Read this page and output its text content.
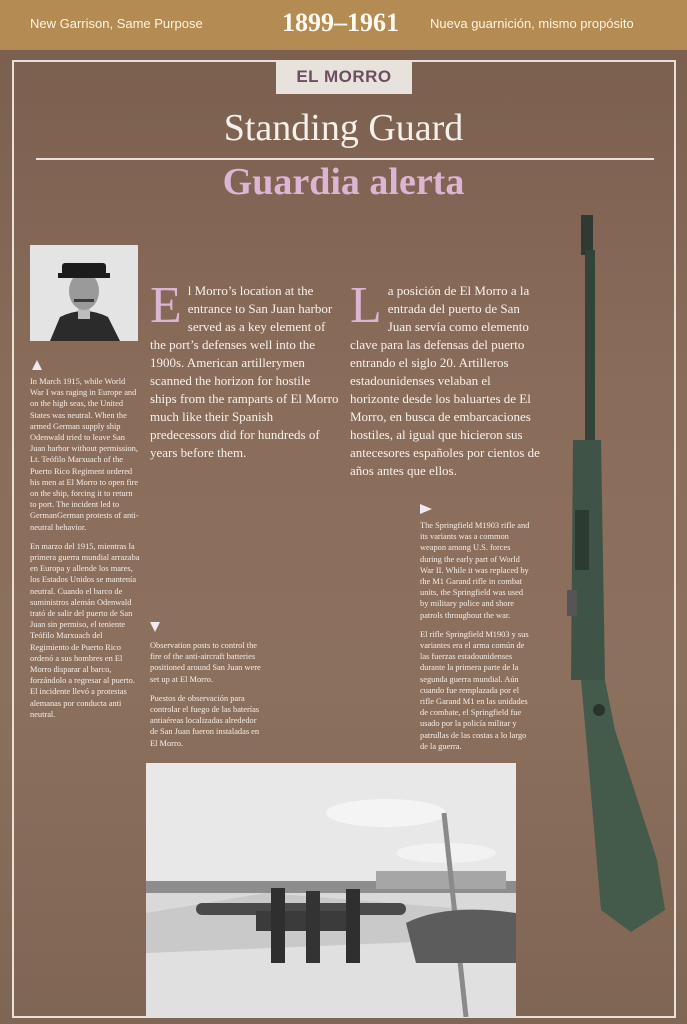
New Garrison, Same Purpose	1899–1961 Nueva guarnición, mismo propósito
EL MORRO
Standing Guard
Guardia alerta

In March 1915, while World War I was raging in Europe and on the high seas, the United States was neutral. When the armed German supply ship Odenwald tried to leave San Juan harbor without permission, Lt. Teófilo Marxuach of the Puerto Rico Regiment ordered his men at El Morro to open fire on the ship, forcing it to return to port. The incident led to GermanGerman protests of anti-neutral behavior.

En marzo del 1915, mientras la primera guerra mundial arrazaba en Europa y allende los mares, los Estados Unidos se mantenía neutral. Cuando el barco de suministros alemán Odenwald trató de salir del puerto de San Juan sin permiso, el teniente Teófilo Marxuach del Regimiento de Puerto Rico ordenó a sus hombres en El Morro disparar al barco, forzándolo a regresar al puerto. El incidente llevó a protestas alemanas por conducta anti neutral.

El Morro’s location at the entrance to San Juan harbor served as a key element of the port’s defenses well into the 1900s. American artillerymen scanned the horizon for hostile ships from the ramparts of El Morro much like their Spanish predecessors did for hundreds of years before them.
La posición de El Morro a la entrada del puerto de San Juan servía como elemento clave para las defensas del puerto entrando el siglo 20. Artilleros estadounidenses velaban el horizonte desde los baluartes de El Morro, en busca de embarcaciones hostiles, al igual que hicieron sus antecesores españoles por cientos de años antes que ellos.

Observation posts to control the fire of the anti-aircraft batteries positioned around San Juan were set up at El Morro.

Puestos de observación para controlar el fuego de las baterías antiaéreas localizadas alrededor de San Juan fueron instaladas en El Morro.

The Springfield M1903 rifle and its variants was a common weapon among U.S. forces during the early part of World War II. While it was replaced by the M1 Garand rifle in combat units, the Springfield was used by military police and shore patrols throughout the war.

El rifle Springfield M1903 y sus variantes era el arma común de las fuerzas estadounidenses durante la primera parte de la segunda guerra mundial. Aún cuando fue remplazada por el rifle Garand M1 en las unidades de combate, el Springfield fue usado por la policía militar y patrullas de las costas a lo largo de la guerra.
